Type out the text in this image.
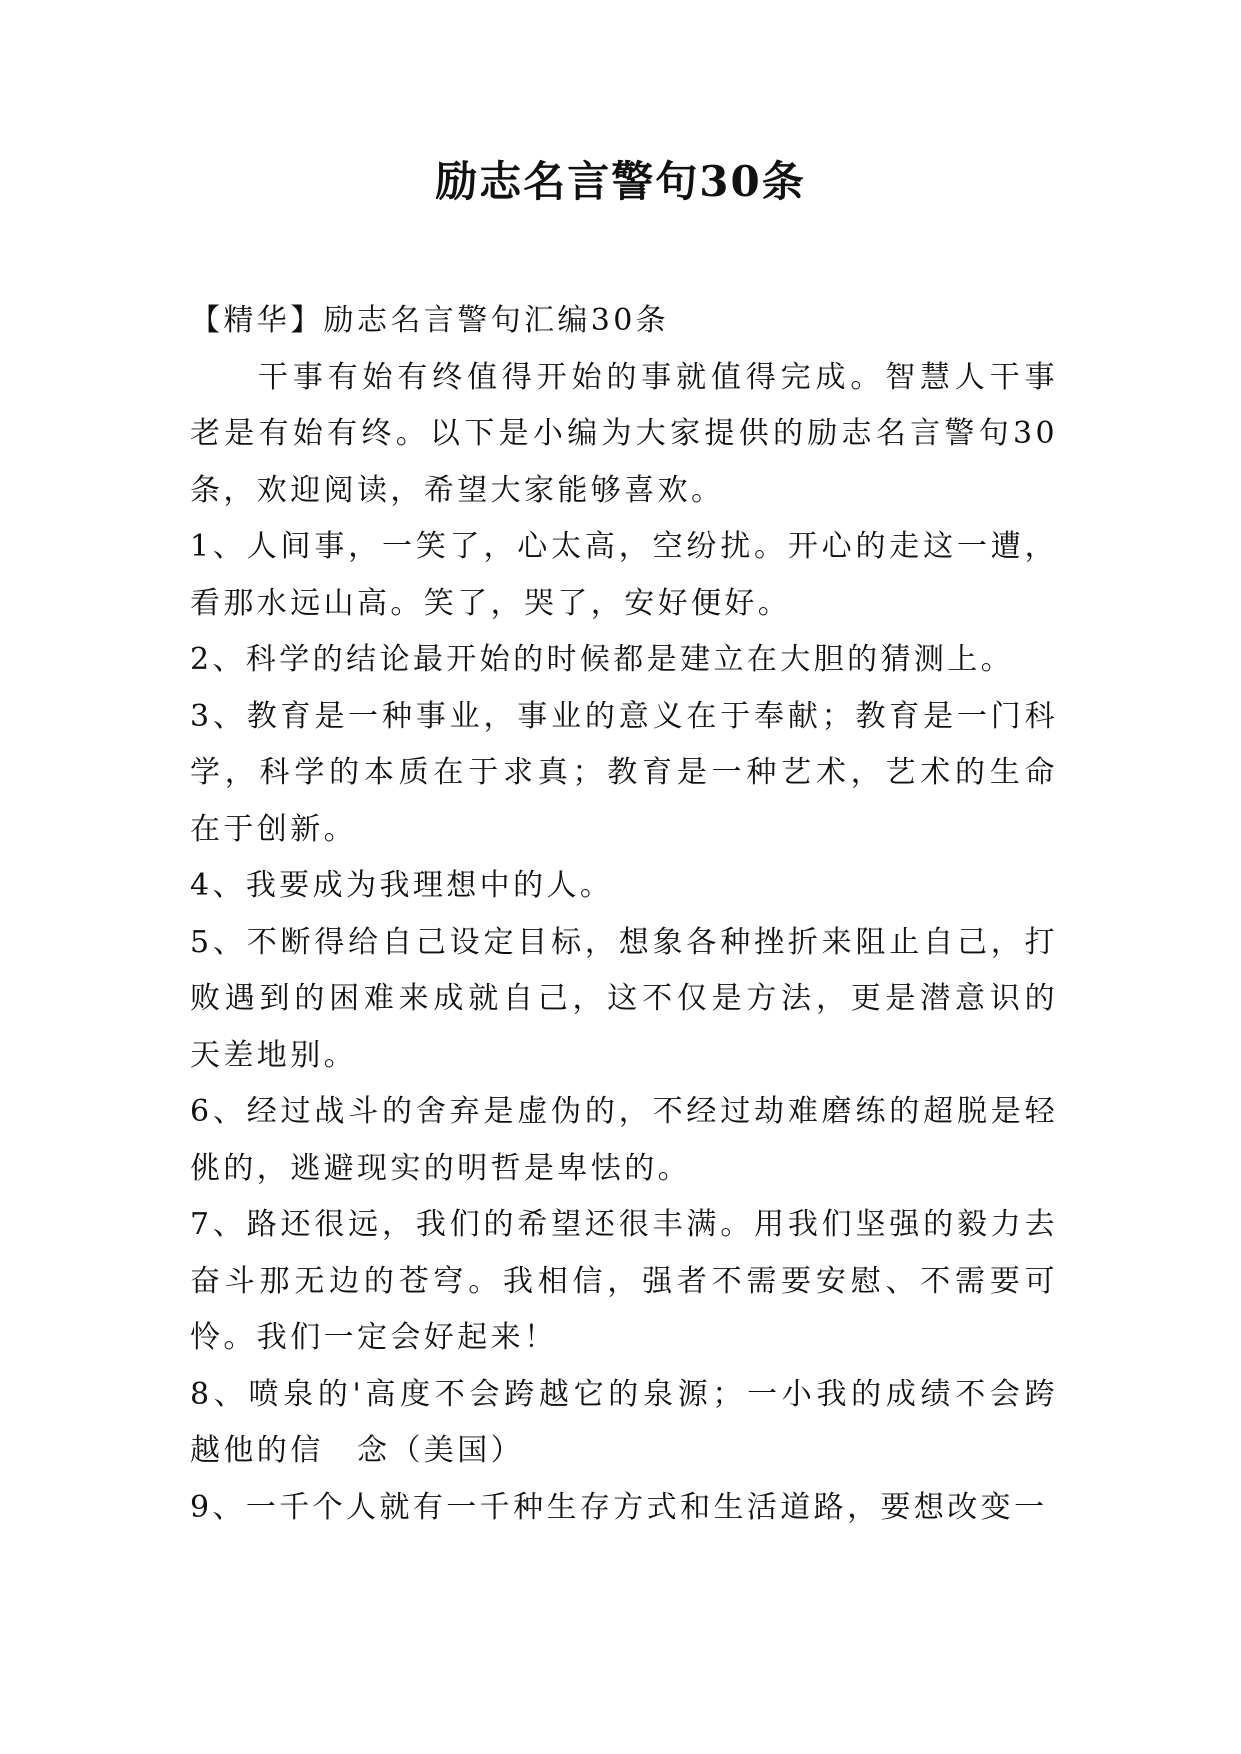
励志名言警句30条

【精华】励志名言警句汇编30条

干事有始有终值得开始的事就值得完成。智慧人干事老是有始有终。以下是小编为大家提供的励志名言警句30条，欢迎阅读，希望大家能够喜欢。

1、人间事，一笑了，心太高，空纷扰。开心的走这一遭，看那水远山高。笑了，哭了，安好便好。

2、科学的结论最开始的时候都是建立在大胆的猜测上。

3、教育是一种事业，事业的意义在于奉献；教育是一门科学，科学的本质在于求真；教育是一种艺术，艺术的生命在于创新。

4、我要成为我理想中的人。

5、不断得给自己设定目标，想象各种挫折来阻止自己，打败遇到的困难来成就自己，这不仅是方法，更是潜意识的天差地别。

6、经过战斗的舍弃是虚伪的，不经过劫难磨练的超脱是轻佻的，逃避现实的明哲是卑怯的。

7、路还很远，我们的希望还很丰满。用我们坚强的毅力去奋斗那无边的苍穹。我相信，强者不需要安慰、不需要可怜。我们一定会好起来！

8、喷泉的'高度不会跨越它的泉源；一小我的成绩不会跨越他的信　念（美国）

9、一千个人就有一千种生存方式和生活道路，要想改变一
